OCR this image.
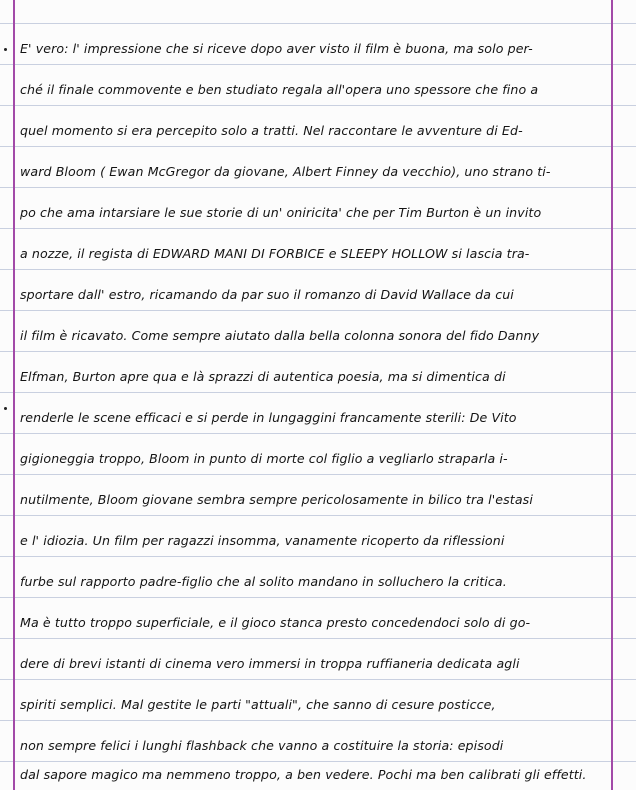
E' vero: l' impressione che si riceve dopo aver visto il film è buona, ma solo per-
ché il finale commovente e ben studiato regala all'opera uno spessore che fino a
quel momento si era percepito solo a tratti. Nel raccontare le avventure di Ed-
ward Bloom ( Ewan McGregor da giovane, Albert Finney da vecchio), uno strano ti-
po che ama intarsiare le sue storie di un' oniricita' che per Tim Burton è un invito
a nozze, il regista di EDWARD MANI DI FORBICE e SLEEPY HOLLOW si lascia tra-
sportare dall' estro, ricamando da par suo il romanzo di David Wallace da cui
il film è ricavato. Come sempre aiutato dalla bella colonna sonora del fido Danny
Elfman, Burton apre qua e là sprazzi di autentica poesia, ma si dimentica di
renderle le scene efficaci e si perde in lungaggini francamente sterili: De Vito
gigioneggia troppo, Bloom in punto di morte col figlio a vegliarlo straparla i-
nutilmente, Bloom giovane sembra sempre pericolosamente in bilico tra l'estasi
e l' idiozia. Un film per ragazzi insomma, vanamente ricoperto da riflessioni
furbe sul rapporto padre-figlio che al solito mandano in solluchero la critica.
Ma è tutto troppo superficiale, e il gioco stanca presto concedendoci solo di go-
dere di brevi istanti di cinema vero immersi in troppa ruffianeria dedicata agli
spiriti semplici. Mal gestite le parti "attuali", che sanno di cesure posticce,
non sempre felici i lunghi flashback che vanno a costituire la storia: episodi
dal sapore magico ma nemmeno troppo, a ben vedere. Pochi ma ben calibrati gli effetti.
